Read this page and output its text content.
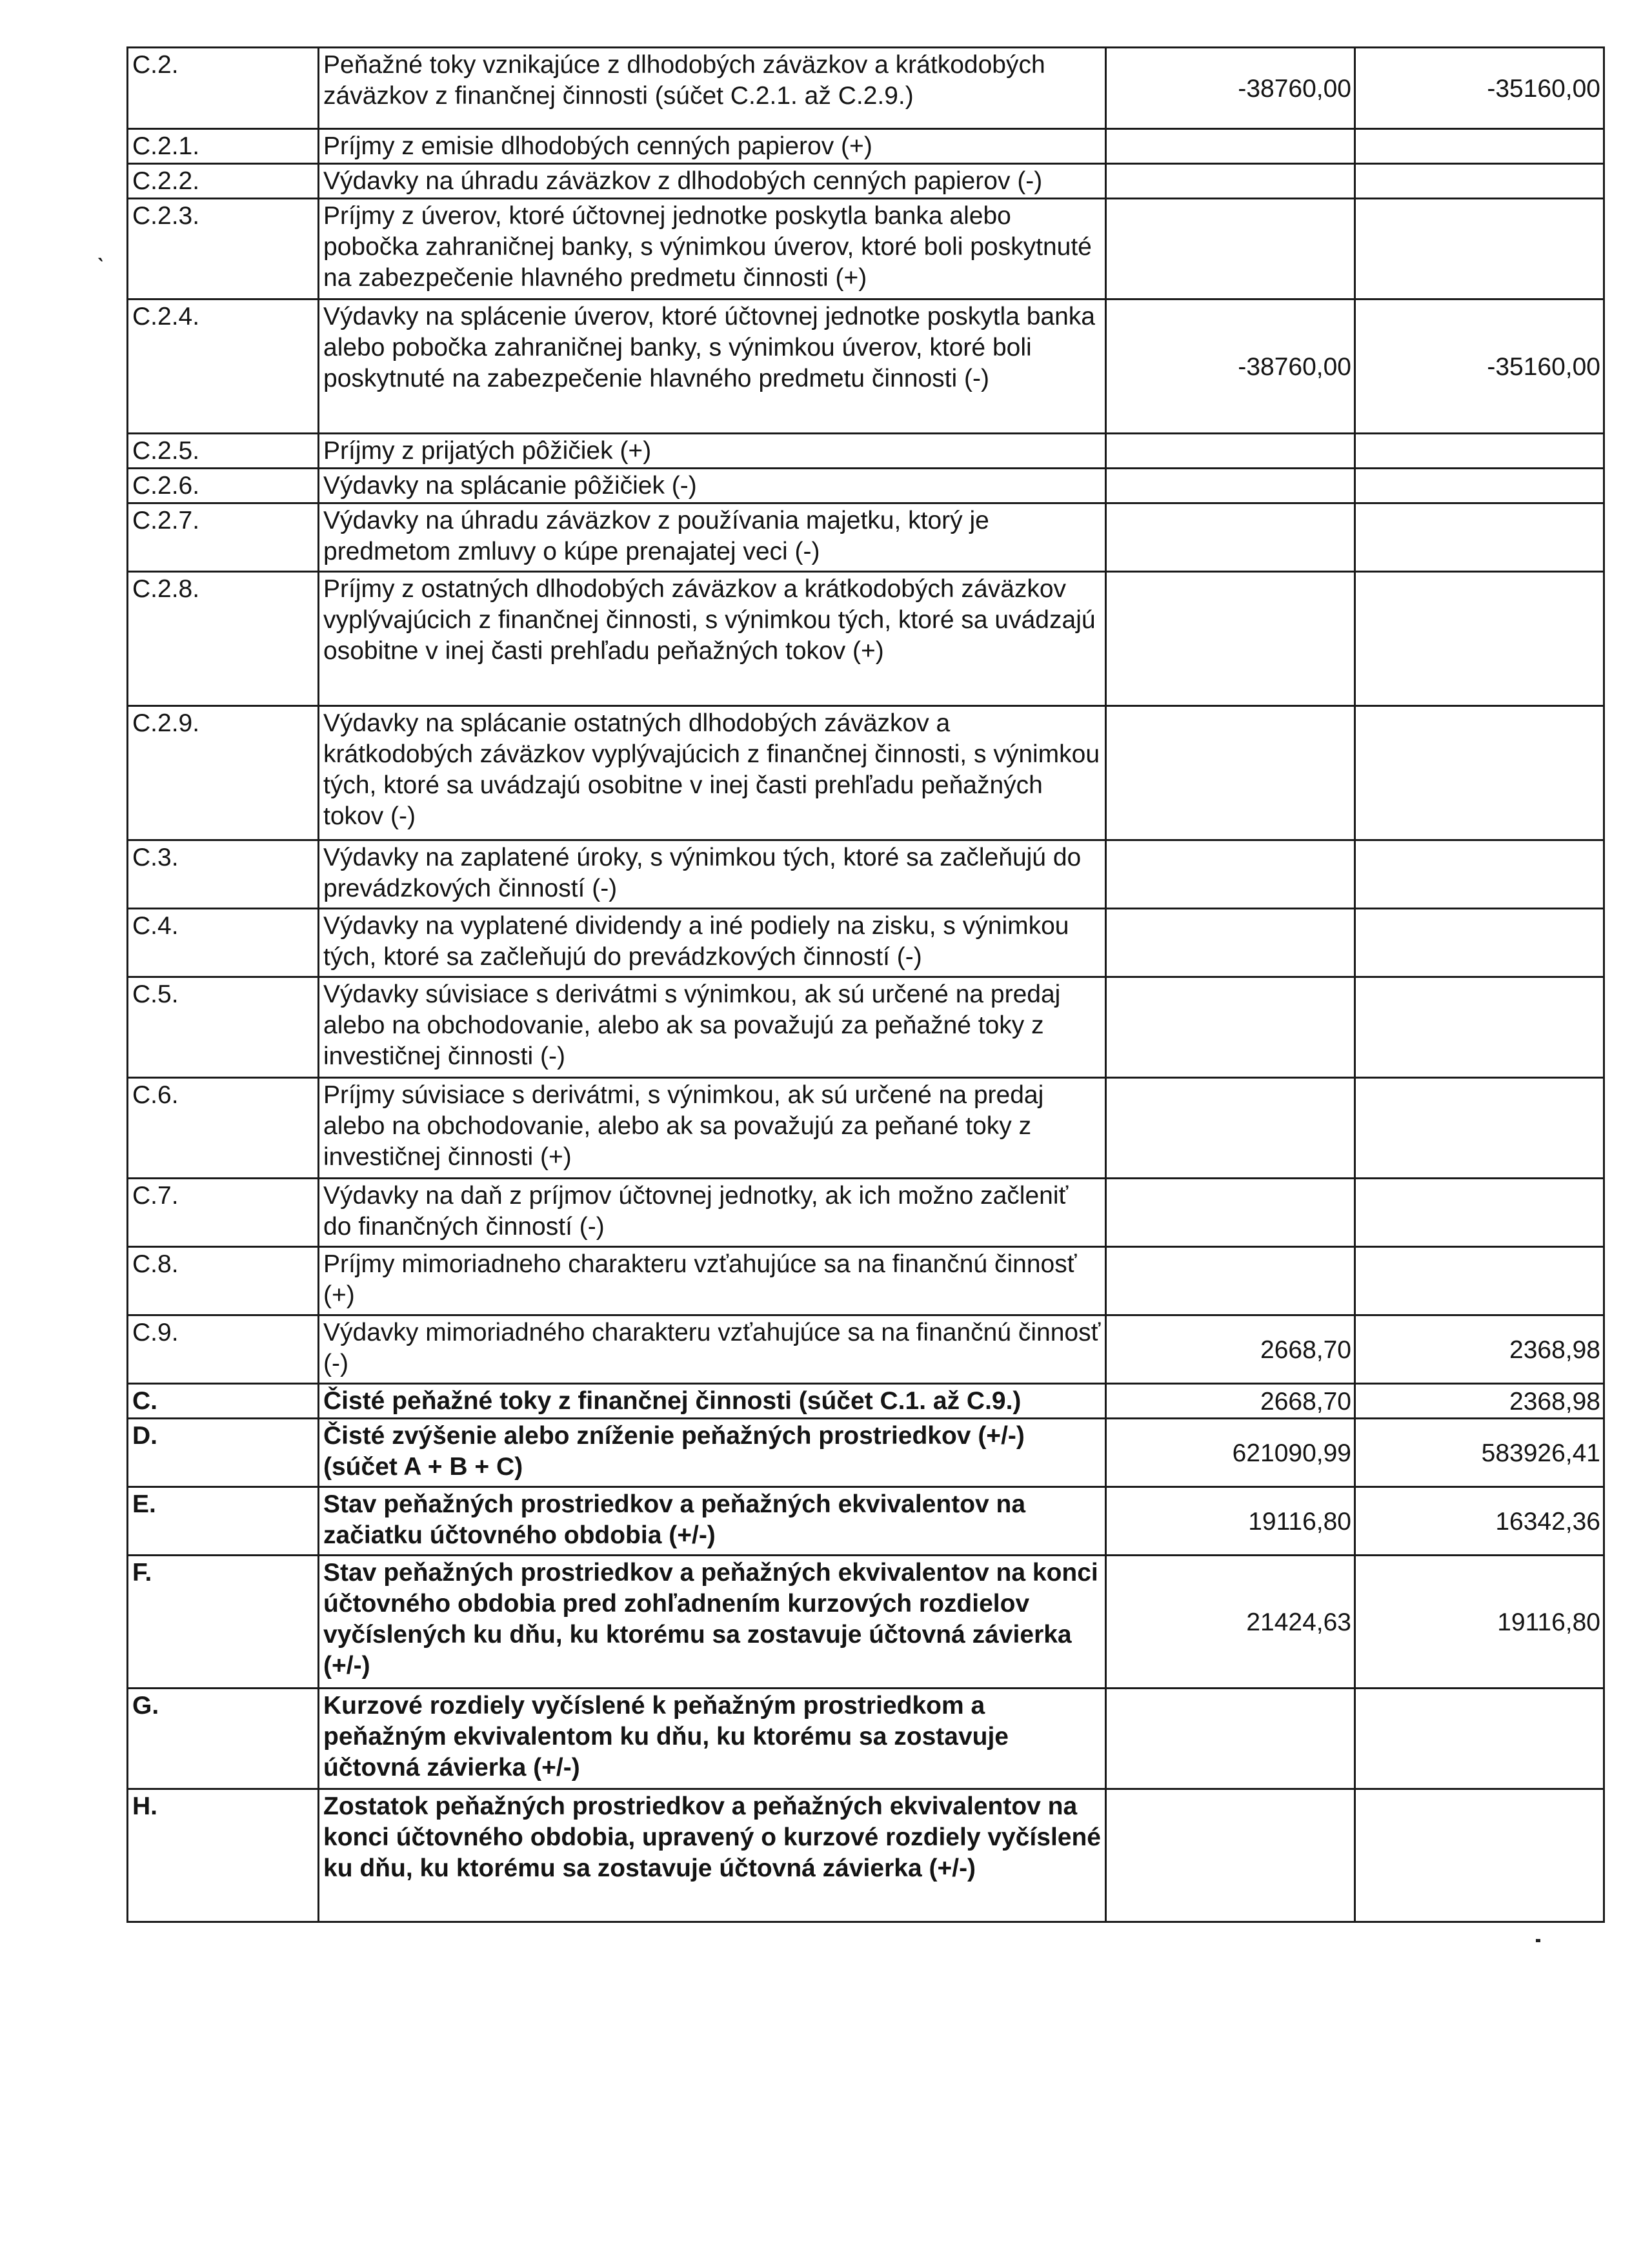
ˎ
C.2.	Peňažné toky vznikajúce z dlhodobých záväzkov a krátkodobých záväzkov z finančnej činnosti (súčet C.2.1. až C.2.9.)	-38760,00	-35160,00
C.2.1.	Príjmy z emisie dlhodobých cenných papierov (+)		
C.2.2.	Výdavky na úhradu záväzkov z dlhodobých cenných papierov (-)		
C.2.3.	Príjmy z úverov, ktoré účtovnej jednotke poskytla banka alebo pobočka zahraničnej banky, s výnimkou úverov, ktoré boli poskytnuté na zabezpečenie hlavného predmetu činnosti (+)		
C.2.4.	Výdavky na splácenie úverov, ktoré účtovnej jednotke poskytla banka alebo pobočka zahraničnej banky, s výnimkou úverov, ktoré boli poskytnuté na zabezpečenie hlavného predmetu činnosti (-)	-38760,00	-35160,00
C.2.5.	Príjmy z prijatých pôžičiek (+)		
C.2.6.	Výdavky na splácanie pôžičiek (-)		
C.2.7.	Výdavky na úhradu záväzkov z používania majetku, ktorý je predmetom zmluvy o kúpe prenajatej veci (-)		
C.2.8.	Príjmy z ostatných dlhodobých záväzkov a krátkodobých záväzkov vyplývajúcich z finančnej činnosti, s výnimkou tých, ktoré sa uvádzajú osobitne v inej časti prehľadu peňažných tokov (+)		
C.2.9.	Výdavky na splácanie ostatných dlhodobých záväzkov a krátkodobých záväzkov vyplývajúcich z finančnej činnosti, s výnimkou tých, ktoré sa uvádzajú osobitne v inej časti prehľadu peňažných tokov (-)		
C.3.	Výdavky na zaplatené úroky, s výnimkou tých, ktoré sa začleňujú do prevádzkových činností (-)		
C.4.	Výdavky na vyplatené dividendy a iné podiely na zisku, s výnimkou tých, ktoré sa začleňujú do prevádzkových činností (-)		
C.5.	Výdavky súvisiace s derivátmi s výnimkou, ak sú určené na predaj alebo na obchodovanie, alebo ak sa považujú za peňažné toky z investičnej činnosti (-)		
C.6.	Príjmy súvisiace s derivátmi, s výnimkou, ak sú určené na predaj alebo na obchodovanie, alebo ak sa považujú za peňané toky z investičnej činnosti (+)		
C.7.	Výdavky na daň z príjmov účtovnej jednotky, ak ich možno začleniť do finančných činností (-)		
C.8.	Príjmy mimoriadneho charakteru vzťahujúce sa na finančnú činnosť (+)		
C.9.	Výdavky mimoriadného charakteru vzťahujúce sa na finančnú činnosť (-)	2668,70	2368,98
C.	Čisté peňažné toky z finančnej činnosti (súčet C.1. až C.9.)	2668,70	2368,98
D.	Čisté zvýšenie alebo zníženie peňažných prostriedkov (+/-) (súčet A + B + C)	621090,99	583926,41
E.	Stav peňažných prostriedkov a peňažných ekvivalentov na začiatku účtovného obdobia (+/-)	19116,80	16342,36
F.	Stav peňažných prostriedkov a peňažných ekvivalentov na konci účtovného obdobia pred zohľadnením kurzových rozdielov vyčíslených ku dňu, ku ktorému sa zostavuje účtovná závierka (+/-)	21424,63	19116,80
G.	Kurzové rozdiely vyčíslené k peňažným prostriedkom a peňažným ekvivalentom ku dňu, ku ktorému sa zostavuje účtovná závierka (+/-)		
H.	Zostatok peňažných prostriedkov a peňažných ekvivalentov na konci účtovného obdobia, upravený o kurzové rozdiely vyčíslené ku dňu, ku ktorému sa zostavuje účtovná závierka (+/-)		
